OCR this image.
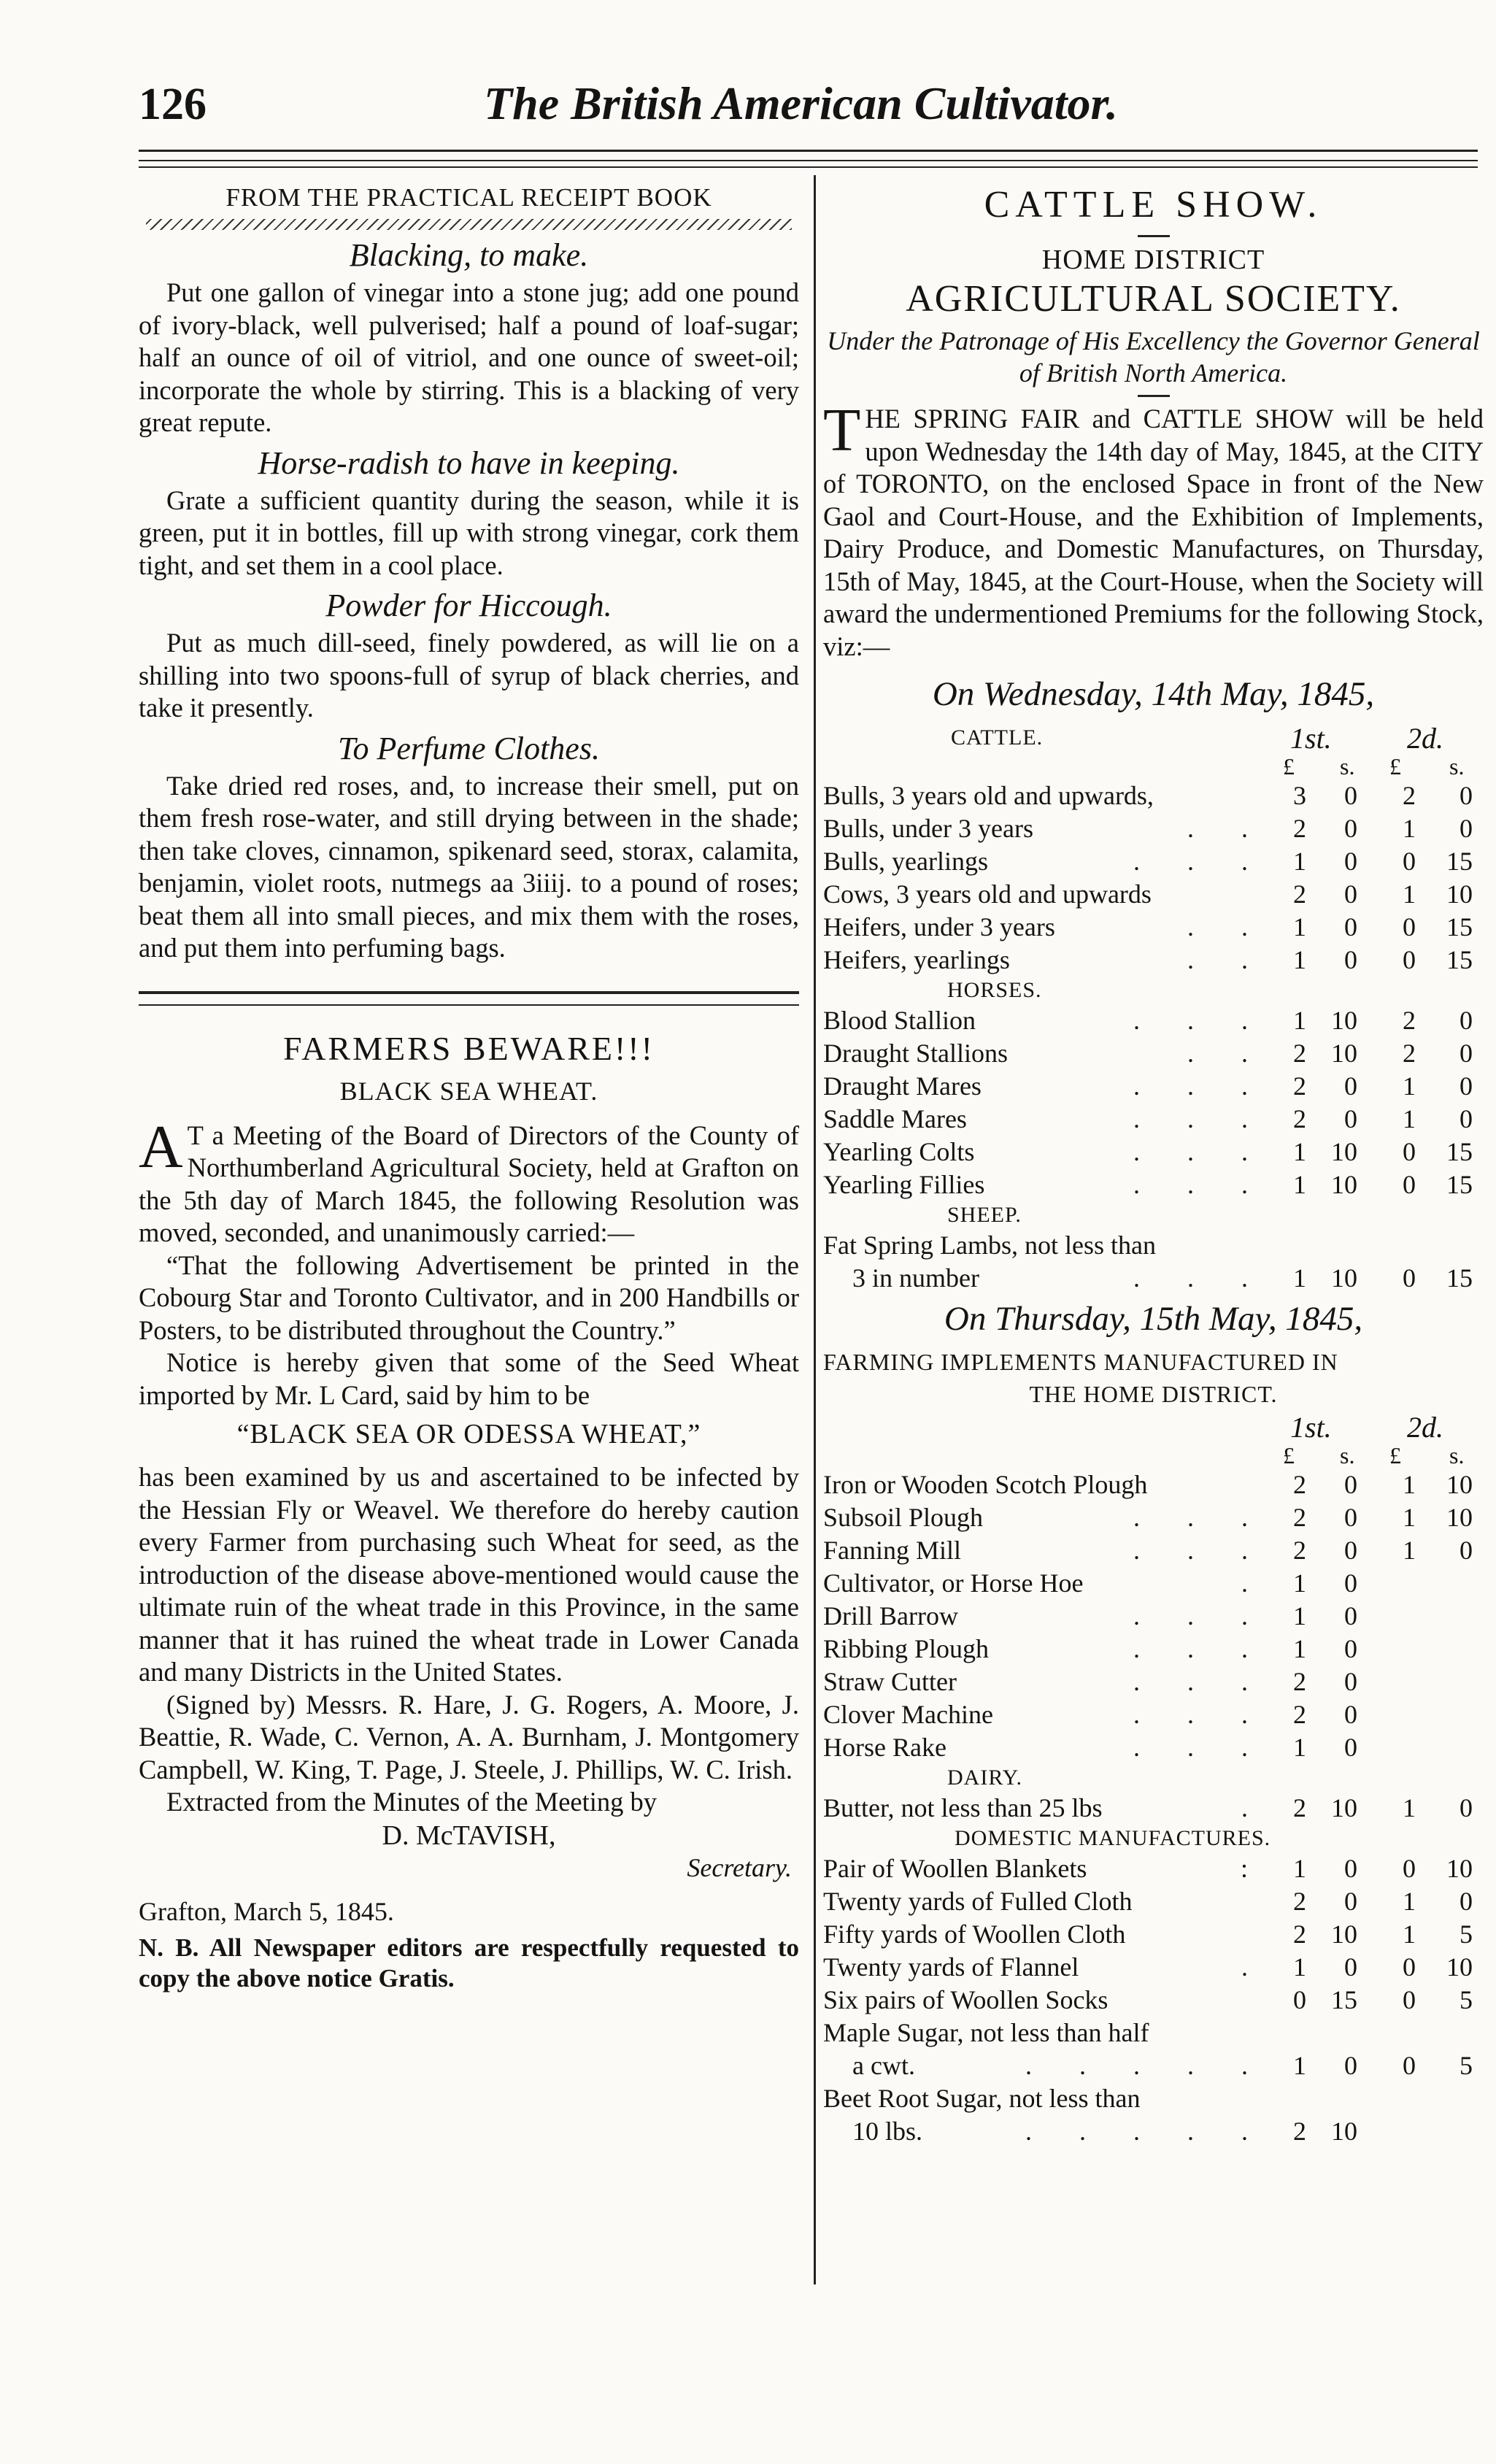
126	The British American Cultivator.

FROM THE PRACTICAL RECEIPT BOOK

Blacking, to make.

Put one gallon of vinegar into a stone jug; add one pound of ivory-black, well pulverised; half a pound of loaf-sugar; half an ounce of oil of vitriol, and one ounce of sweet-oil; incorporate the whole by stirring. This is a blacking of very great repute.

Horse-radish to have in keeping.

Grate a sufficient quantity during the season, while it is green, put it in bottles, fill up with strong vinegar, cork them tight, and set them in a cool place.

Powder for Hiccough.

Put as much dill-seed, finely powdered, as will lie on a shilling into two spoons-full of syrup of black cherries, and take it presently.

To Perfume Clothes.

Take dried red roses, and, to increase their smell, put on them fresh rose-water, and still drying between in the shade; then take cloves, cinnamon, spikenard seed, storax, calamita, benjamin, violet roots, nutmegs aa 3iiij. to a pound of roses; beat them all into small pieces, and mix them with the roses, and put them into perfuming bags.

FARMERS BEWARE!!!

BLACK SEA WHEAT.

A T a Meeting of the Board of Directors of the County of Northumberland Agricultural Society, held at Grafton on the 5th day of March 1845, the following Resolution was moved, seconded, and unanimously carried:—

“That the following Advertisement be printed in the Cobourg Star and Toronto Cultivator, and in 200 Handbills or Posters, to be distributed throughout the Country.”

Notice is hereby given that some of the Seed Wheat imported by Mr. L Card, said by him to be

“BLACK SEA OR ODESSA WHEAT,”

has been examined by us and ascertained to be infected by the Hessian Fly or Weavel. We therefore do hereby caution every Farmer from purchasing such Wheat for seed, as the introduction of the disease above-mentioned would cause the ultimate ruin of the wheat trade in this Province, in the same manner that it has ruined the wheat trade in Lower Canada and many Districts in the United States.

(Signed by) Messrs. R. Hare, J. G. Rogers, A. Moore, J. Beattie, R. Wade, C. Vernon, A. A. Burnham, J. Montgomery Campbell, W. King, T. Page, J. Steele, J. Phillips, W. C. Irish.

Extracted from the Minutes of the Meeting by

D. McTAVISH,

Secretary.

Grafton, March 5, 1845.

N. B. All Newspaper editors are respectfully requested to copy the above notice Gratis.

CATTLE SHOW.

HOME DISTRICT

AGRICULTURAL SOCIETY.

Under the Patronage of His Excellency the Governor General of British North America.

THE SPRING FAIR and CATTLE SHOW will be held upon Wednesday the 14th day of May, 1845, at the CITY of TORONTO, on the enclosed Space in front of the New Gaol and Court-House, and the Exhibition of Implements, Dairy Produce, and Domestic Manufactures, on Thursday, 15th of May, 1845, at the Court-House, when the Society will award the undermentioned Premiums for the following Stock, viz:—

On Wednesday, 14th May, 1845,

CATTLE.	1st.	2d.
£ s. £ s.
Bulls, 3 years old and upwards,	3	0	2	0
Bulls, under 3 years	. . 2	0	1	0
Bulls, yearlings	. . . 1	0	0	15
Cows, 3 years old and upwards	2	0	1	10
Heifers, under 3 years	. . 1	0	0	15
Heifers, yearlings	. . 1	0	0	15
HORSES.
Blood Stallion	. . . 1 10	2	0
Draught Stallions	. . 2 10	2	0
Draught Mares	. . . 2	0	1	0
Saddle Mares	. . . 2	0	1	0
Yearling Colts	. . . 1 10	0	15
Yearling Fillies	. . . 1 10	0	15
SHEEP.
Fat Spring Lambs, not less than
3 in number	. . . 1 10	0	15

On Thursday, 15th May, 1845,

FARMING IMPLEMENTS MANUFACTURED IN

THE HOME DISTRICT.

1st.	2d.
£ s. £ s.
Iron or Wooden Scotch Plough	2	0	1	10
Subsoil Plough	. . . 2	0	1	10
Fanning Mill	. . . 2	0	1	0
Cultivator, or Horse Hoe	. 1	0
Drill Barrow	. . . 1	0
Ribbing Plough	. . . 1	0
Straw Cutter	. . . 2	0
Clover Machine	. . . 2	0
Horse Rake	. . . 1	0
DAIRY.
Butter, not less than 25 lbs	. 2 10	1	0
DOMESTIC MANUFACTURES.
Pair of Woollen Blankets	: 1	0	0	10
Twenty yards of Fulled Cloth	2	0	1	0
Fifty yards of Woollen Cloth	2 10	1	5
Twenty yards of Flannel	. 1	0	0	10
Six pairs of Woollen Socks	0 15	0	5
Maple Sugar, not less than half
a cwt.	. . . . . 1	0	0	5
Beet Root Sugar, not less than
10 lbs.	. . . . . 2 10
